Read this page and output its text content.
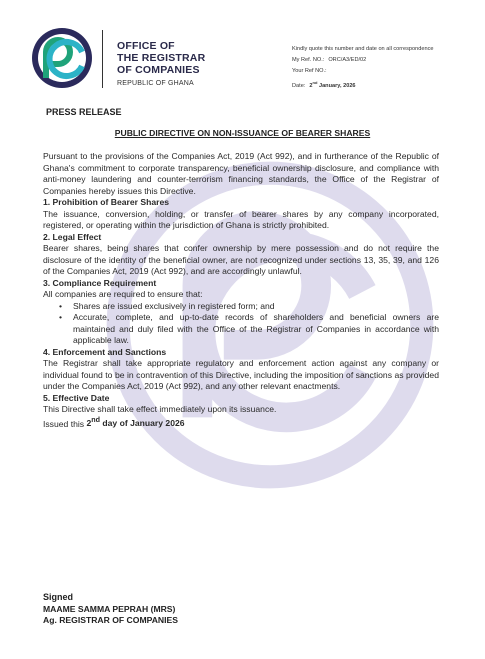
OFFICE OF
THE REGISTRAR
OF COMPANIES
REPUBLIC OF GHANA
Kindly quote this number and date on all correspondence
My Ref. NO.: ORC/A3/ED/02
Your Ref NO.:
Date: 2nd January, 2026
PRESS RELEASE
PUBLIC DIRECTIVE ON NON-ISSUANCE OF BEARER SHARES

Pursuant to the provisions of the Companies Act, 2019 (Act 992), and in furtherance of the Republic of Ghana's commitment to corporate transparency, beneficial ownership disclosure, and compliance with anti-money laundering and counter-terrorism financing standards, the Office of the Registrar of Companies hereby issues this Directive.

1. Prohibition of Bearer Shares

The issuance, conversion, holding, or transfer of bearer shares by any company incorporated, registered, or operating within the jurisdiction of Ghana is strictly prohibited.

2. Legal Effect

Bearer shares, being shares that confer ownership by mere possession and do not require the disclosure of the identity of the beneficial owner, are not recognized under sections 13, 35, 39, and 126 of the Companies Act, 2019 (Act 992), and are accordingly unlawful.

3. Compliance Requirement

All companies are required to ensure that:

• Shares are issued exclusively in registered form; and
• Accurate, complete, and up-to-date records of shareholders and beneficial owners are maintained and duly filed with the Office of the Registrar of Companies in accordance with applicable law.

4. Enforcement and Sanctions

The Registrar shall take appropriate regulatory and enforcement action against any company or individual found to be in contravention of this Directive, including the imposition of sanctions as provided under the Companies Act, 2019 (Act 992), and any other relevant enactments.

5. Effective Date

This Directive shall take effect immediately upon its issuance.

Issued this 2nd day of January 2026

Signed
MAAME SAMMA PEPRAH (MRS)
Ag. REGISTRAR OF COMPANIES
